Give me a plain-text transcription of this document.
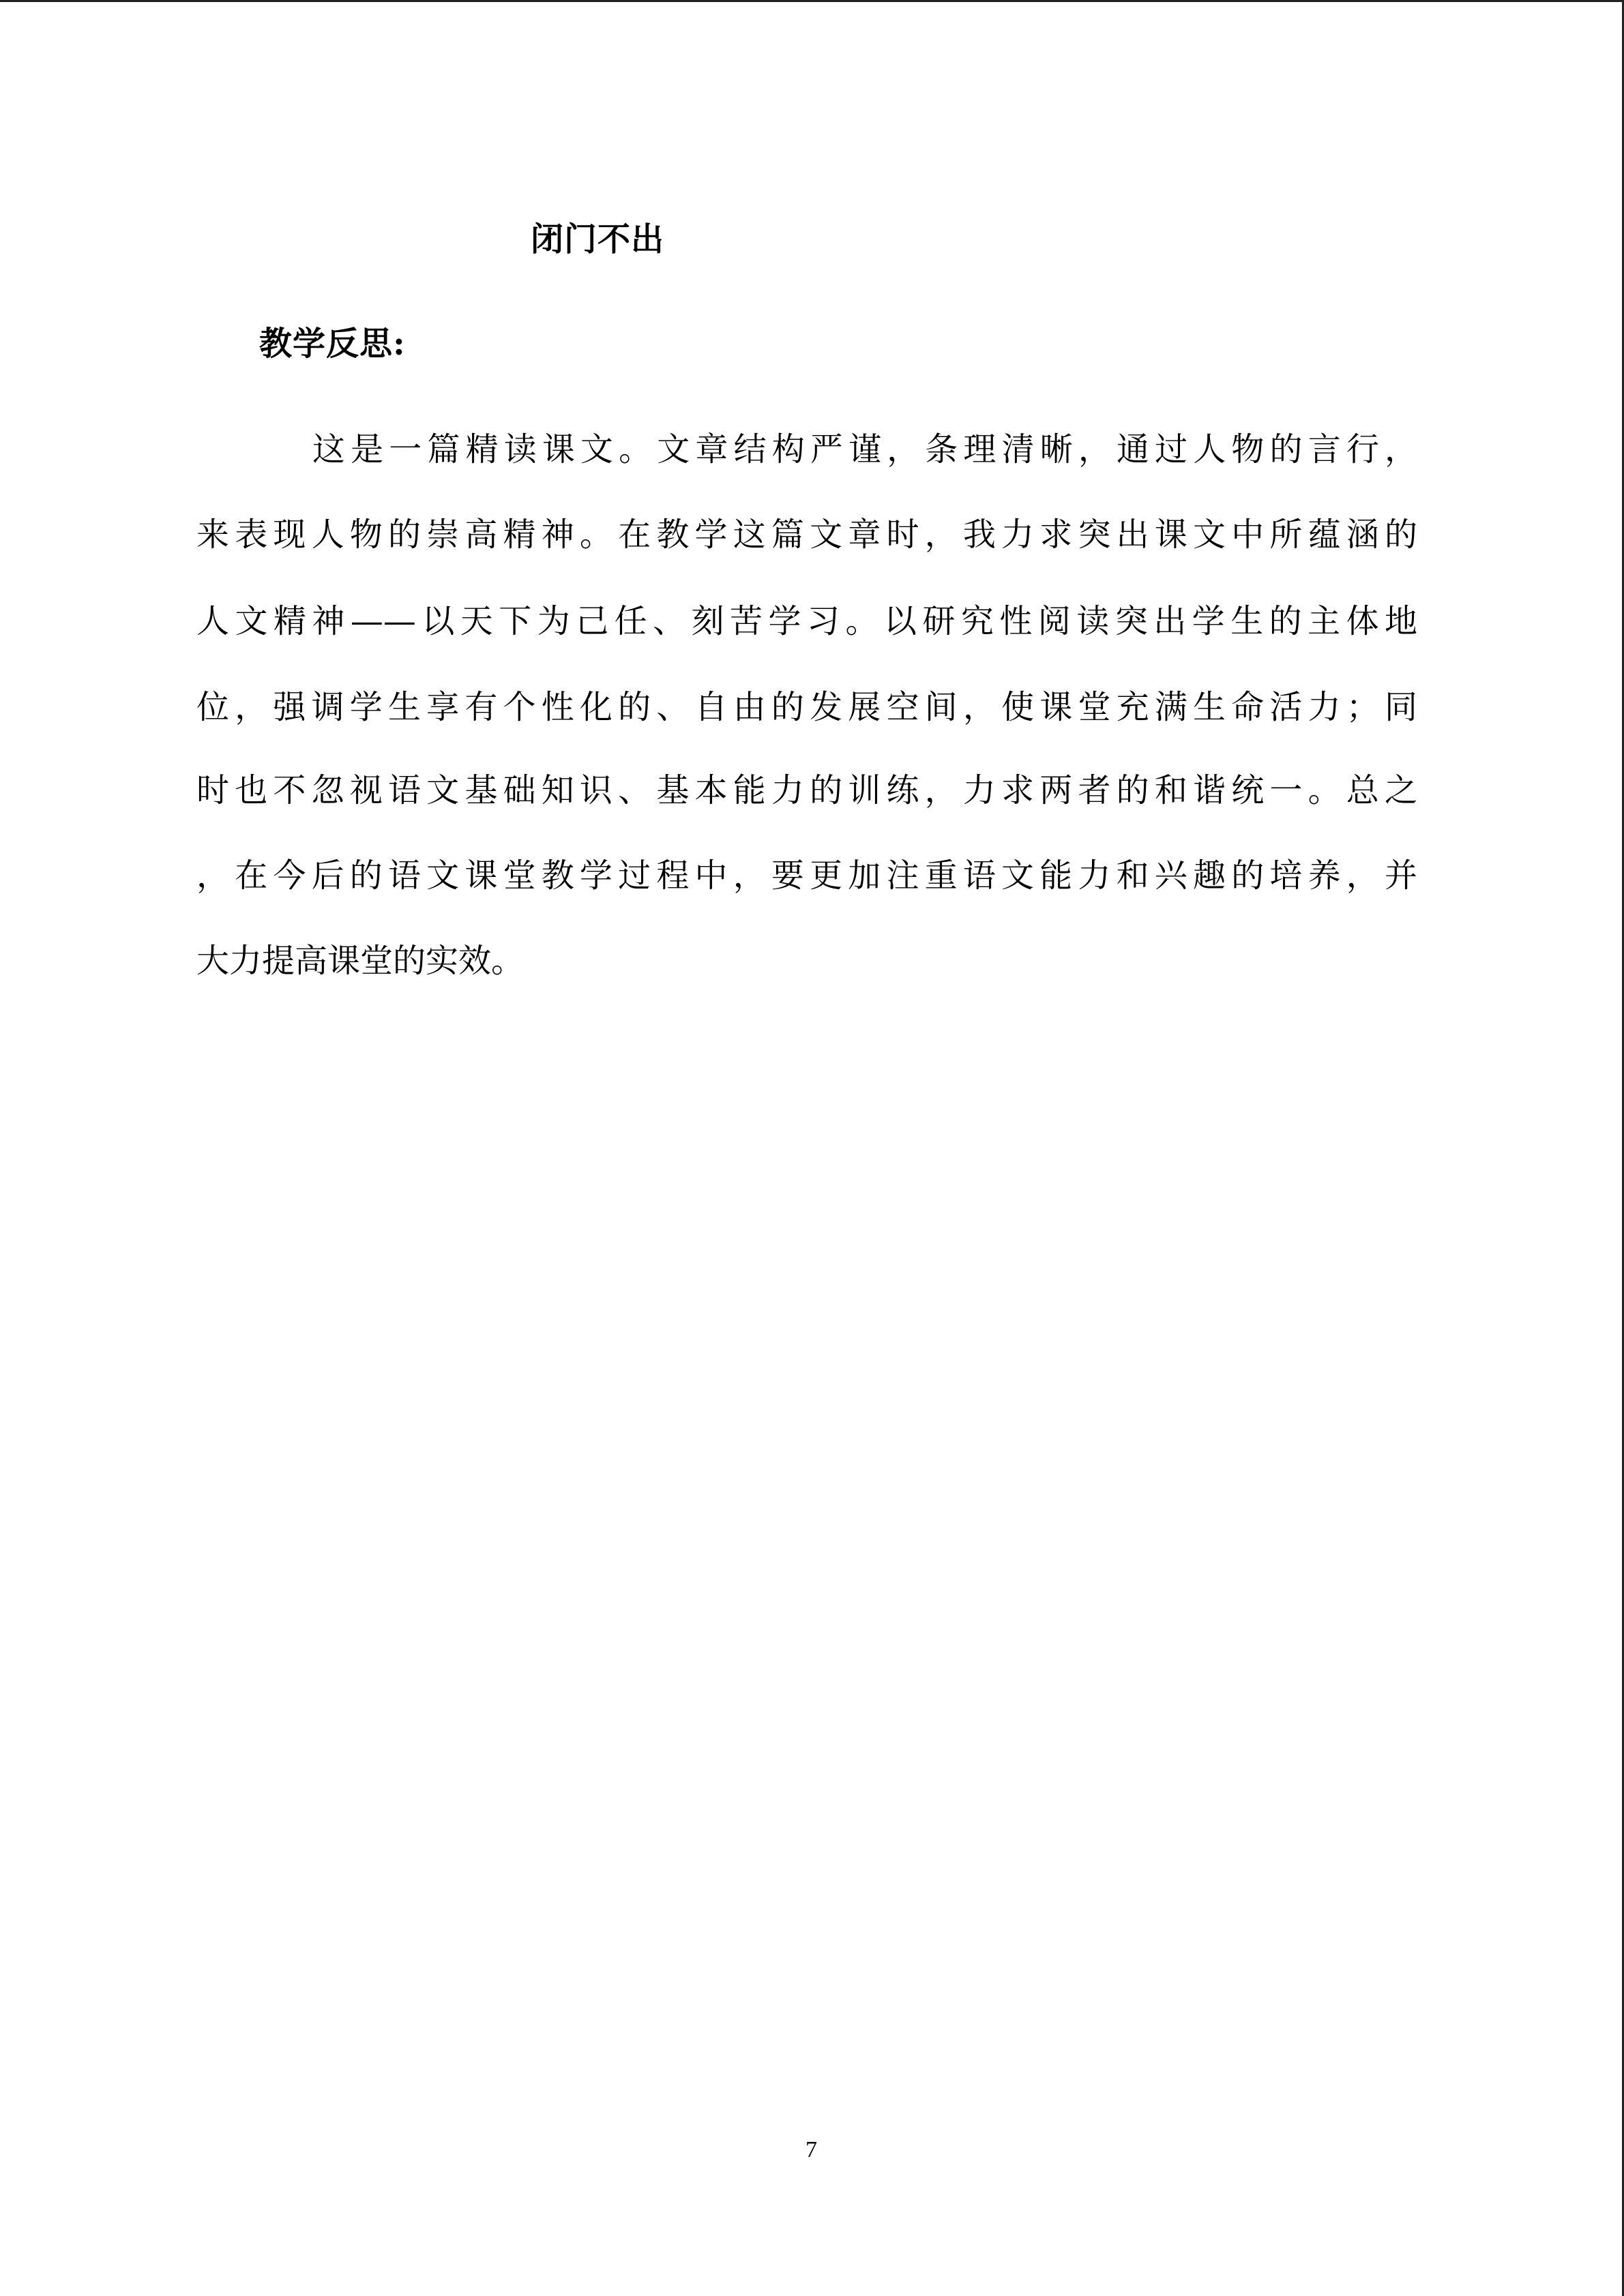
闭门不出
教学反思:
这是一篇精读课文。文章结构严谨，条理清晰，通过人物的言行，
来表现人物的崇高精神。在教学这篇文章时，我力求突出课文中所蕴涵的
人文精神——以天下为己任、刻苦学习。以研究性阅读突出学生的主体地
位，强调学生享有个性化的、自由的发展空间，使课堂充满生命活力；同
时也不忽视语文基础知识、基本能力的训练，力求两者的和谐统一。总之
，在今后的语文课堂教学过程中，要更加注重语文能力和兴趣的培养，并
大力提高课堂的实效。
7
